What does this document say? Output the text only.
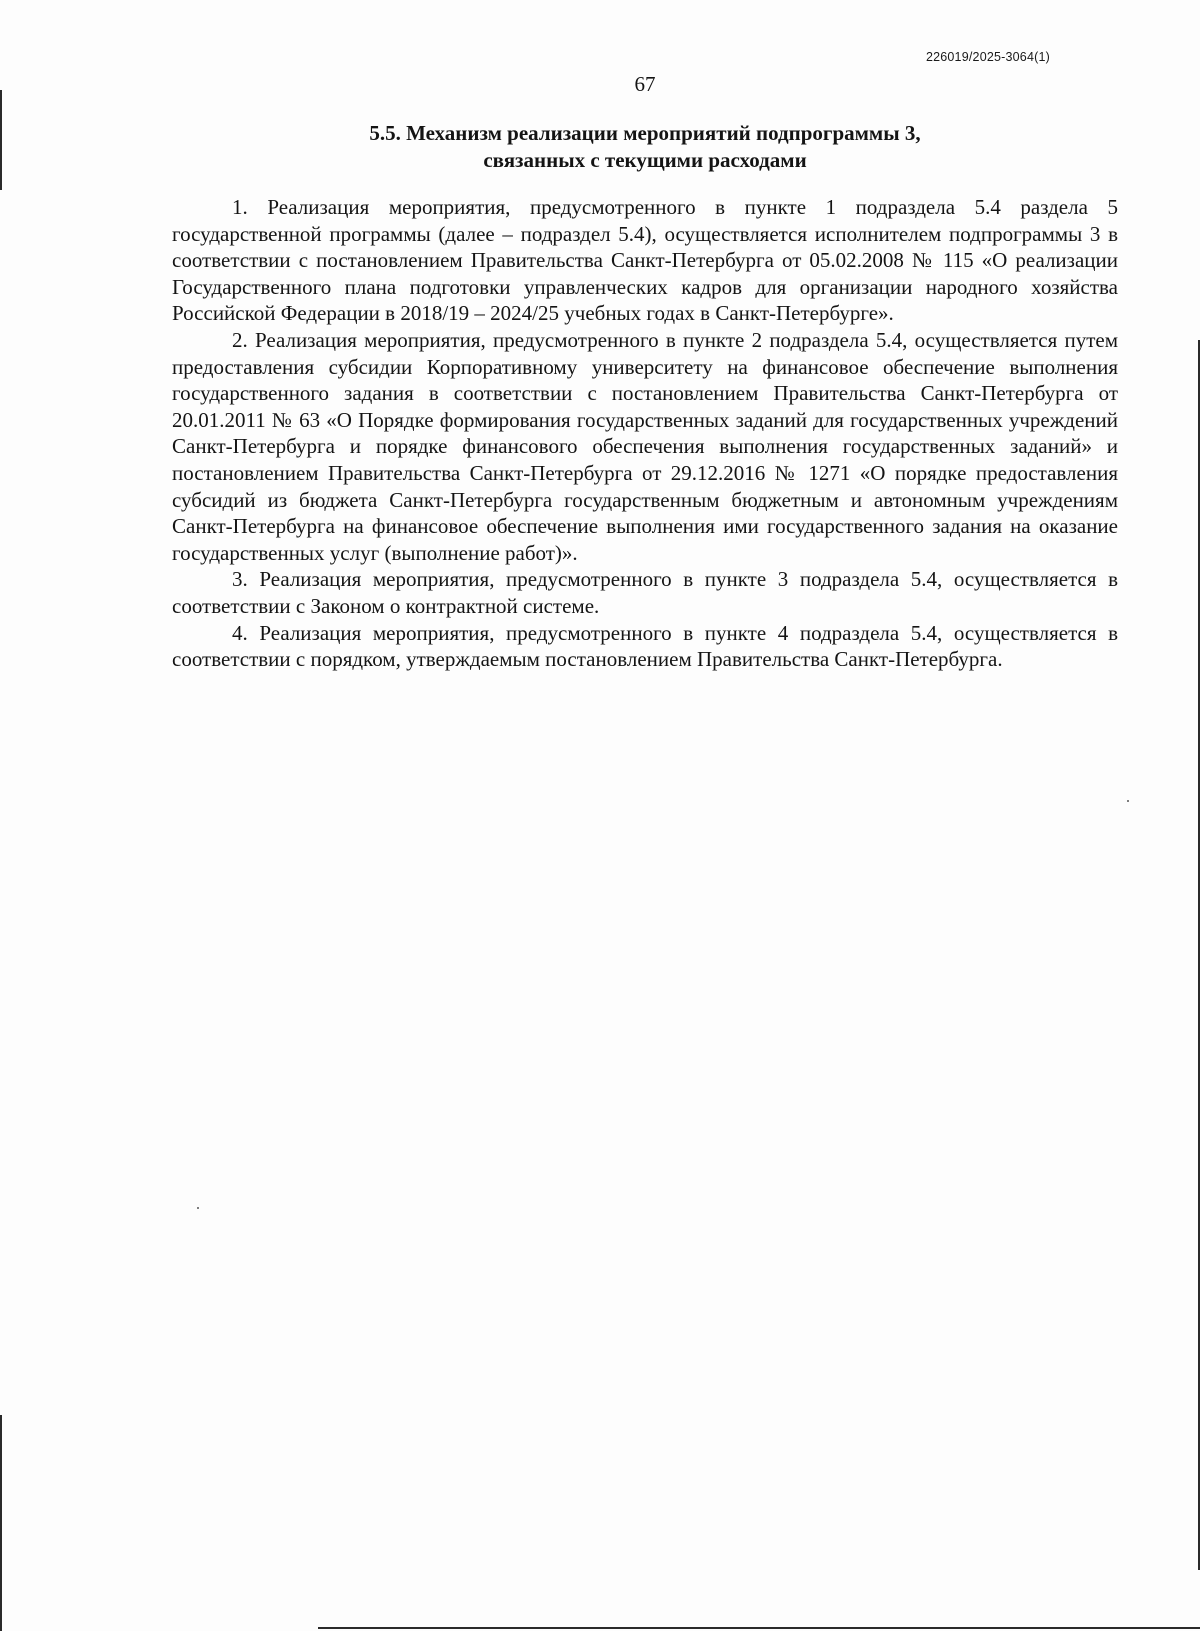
226019/2025-3064(1)
67
5.5. Механизм реализации мероприятий подпрограммы 3,
связанных с текущими расходами

1. Реализация мероприятия, предусмотренного в пункте 1 подраздела 5.4 раздела 5 государственной программы (далее – подраздел 5.4), осуществляется исполнителем подпрограммы 3 в соответствии с постановлением Правительства Санкт-Петербурга от 05.02.2008 № 115 «О реализации Государственного плана подготовки управленческих кадров для организации народного хозяйства Российской Федерации в 2018/19 – 2024/25 учебных годах в Санкт-Петербурге».

2. Реализация мероприятия, предусмотренного в пункте 2 подраздела 5.4, осуществляется путем предоставления субсидии Корпоративному университету на финансовое обеспечение выполнения государственного задания в соответствии с постановлением Правительства Санкт-Петербурга от 20.01.2011 № 63 «О Порядке формирования государственных заданий для государственных учреждений Санкт-Петербурга и порядке финансового обеспечения выполнения государственных заданий» и постановлением Правительства Санкт-Петербурга от 29.12.2016 № 1271 «О порядке предоставления субсидий из бюджета Санкт-Петербурга государственным бюджетным и автономным учреждениям Санкт-Петербурга на финансовое обеспечение выполнения ими государственного задания на оказание государственных услуг (выполнение работ)».

3. Реализация мероприятия, предусмотренного в пункте 3 подраздела 5.4, осуществляется в соответствии с Законом о контрактной системе.

4. Реализация мероприятия, предусмотренного в пункте 4 подраздела 5.4, осуществляется в соответствии с порядком, утверждаемым постановлением Правительства Санкт-Петербурга.
